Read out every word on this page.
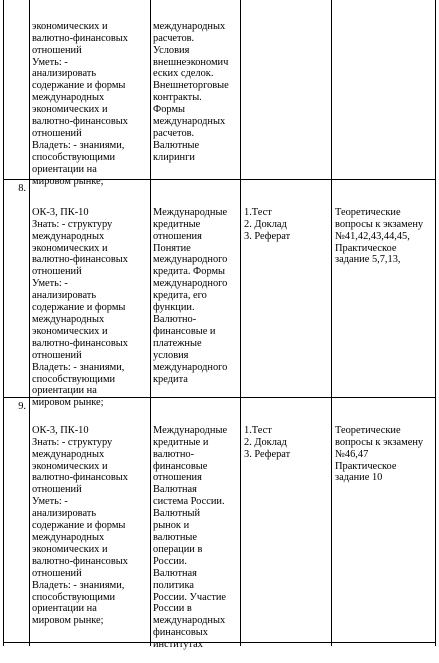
экономических и
валютно-финансовых
отношений
Уметь: -
анализировать
содержание и формы
международных
экономических и
валютно-финансовых
отношений
Владеть: - знаниями,
способствующими
ориентации на
мировом рынке;

международных
расчетов.
Условия
внешнеэкономич
еских сделок.
Внешнеторговые
контракты.
Формы
международных
расчетов.
Валютные
клиринги

8.

ОК-3, ПК-10
Знать: - структуру
международных
экономических и
валютно-финансовых
отношений
Уметь: -
анализировать
содержание и формы
международных
экономических и
валютно-финансовых
отношений
Владеть: - знаниями,
способствующими
ориентации на
мировом рынке;

Международные
кредитные
отношения
Понятие
международного
кредита. Формы
международного
кредита, его
функции.
Валютно-
финансовые и
платежные
условия
международного
кредита

1.Тест
2. Доклад
3. Реферат

Теоретические
вопросы к экзамену
№41,42,43,44,45,
Практическое
задание 5,7,13,

9.

ОК-3, ПК-10
Знать: - структуру
международных
экономических и
валютно-финансовых
отношений
Уметь: -
анализировать
содержание и формы
международных
экономических и
валютно-финансовых
отношений
Владеть: - знаниями,
способствующими
ориентации на
мировом рынке;

Международные
кредитные и
валютно-
финансовые
отношения
Валютная
система России.
Валютный
рынок и
валютные
операции в
России.
Валютная
политика
России. Участие
России в
международных
финансовых
институтах

1.Тест
2. Доклад
3. Реферат

Теоретические
вопросы к экзамену
№46,47
Практическое
задание 10
